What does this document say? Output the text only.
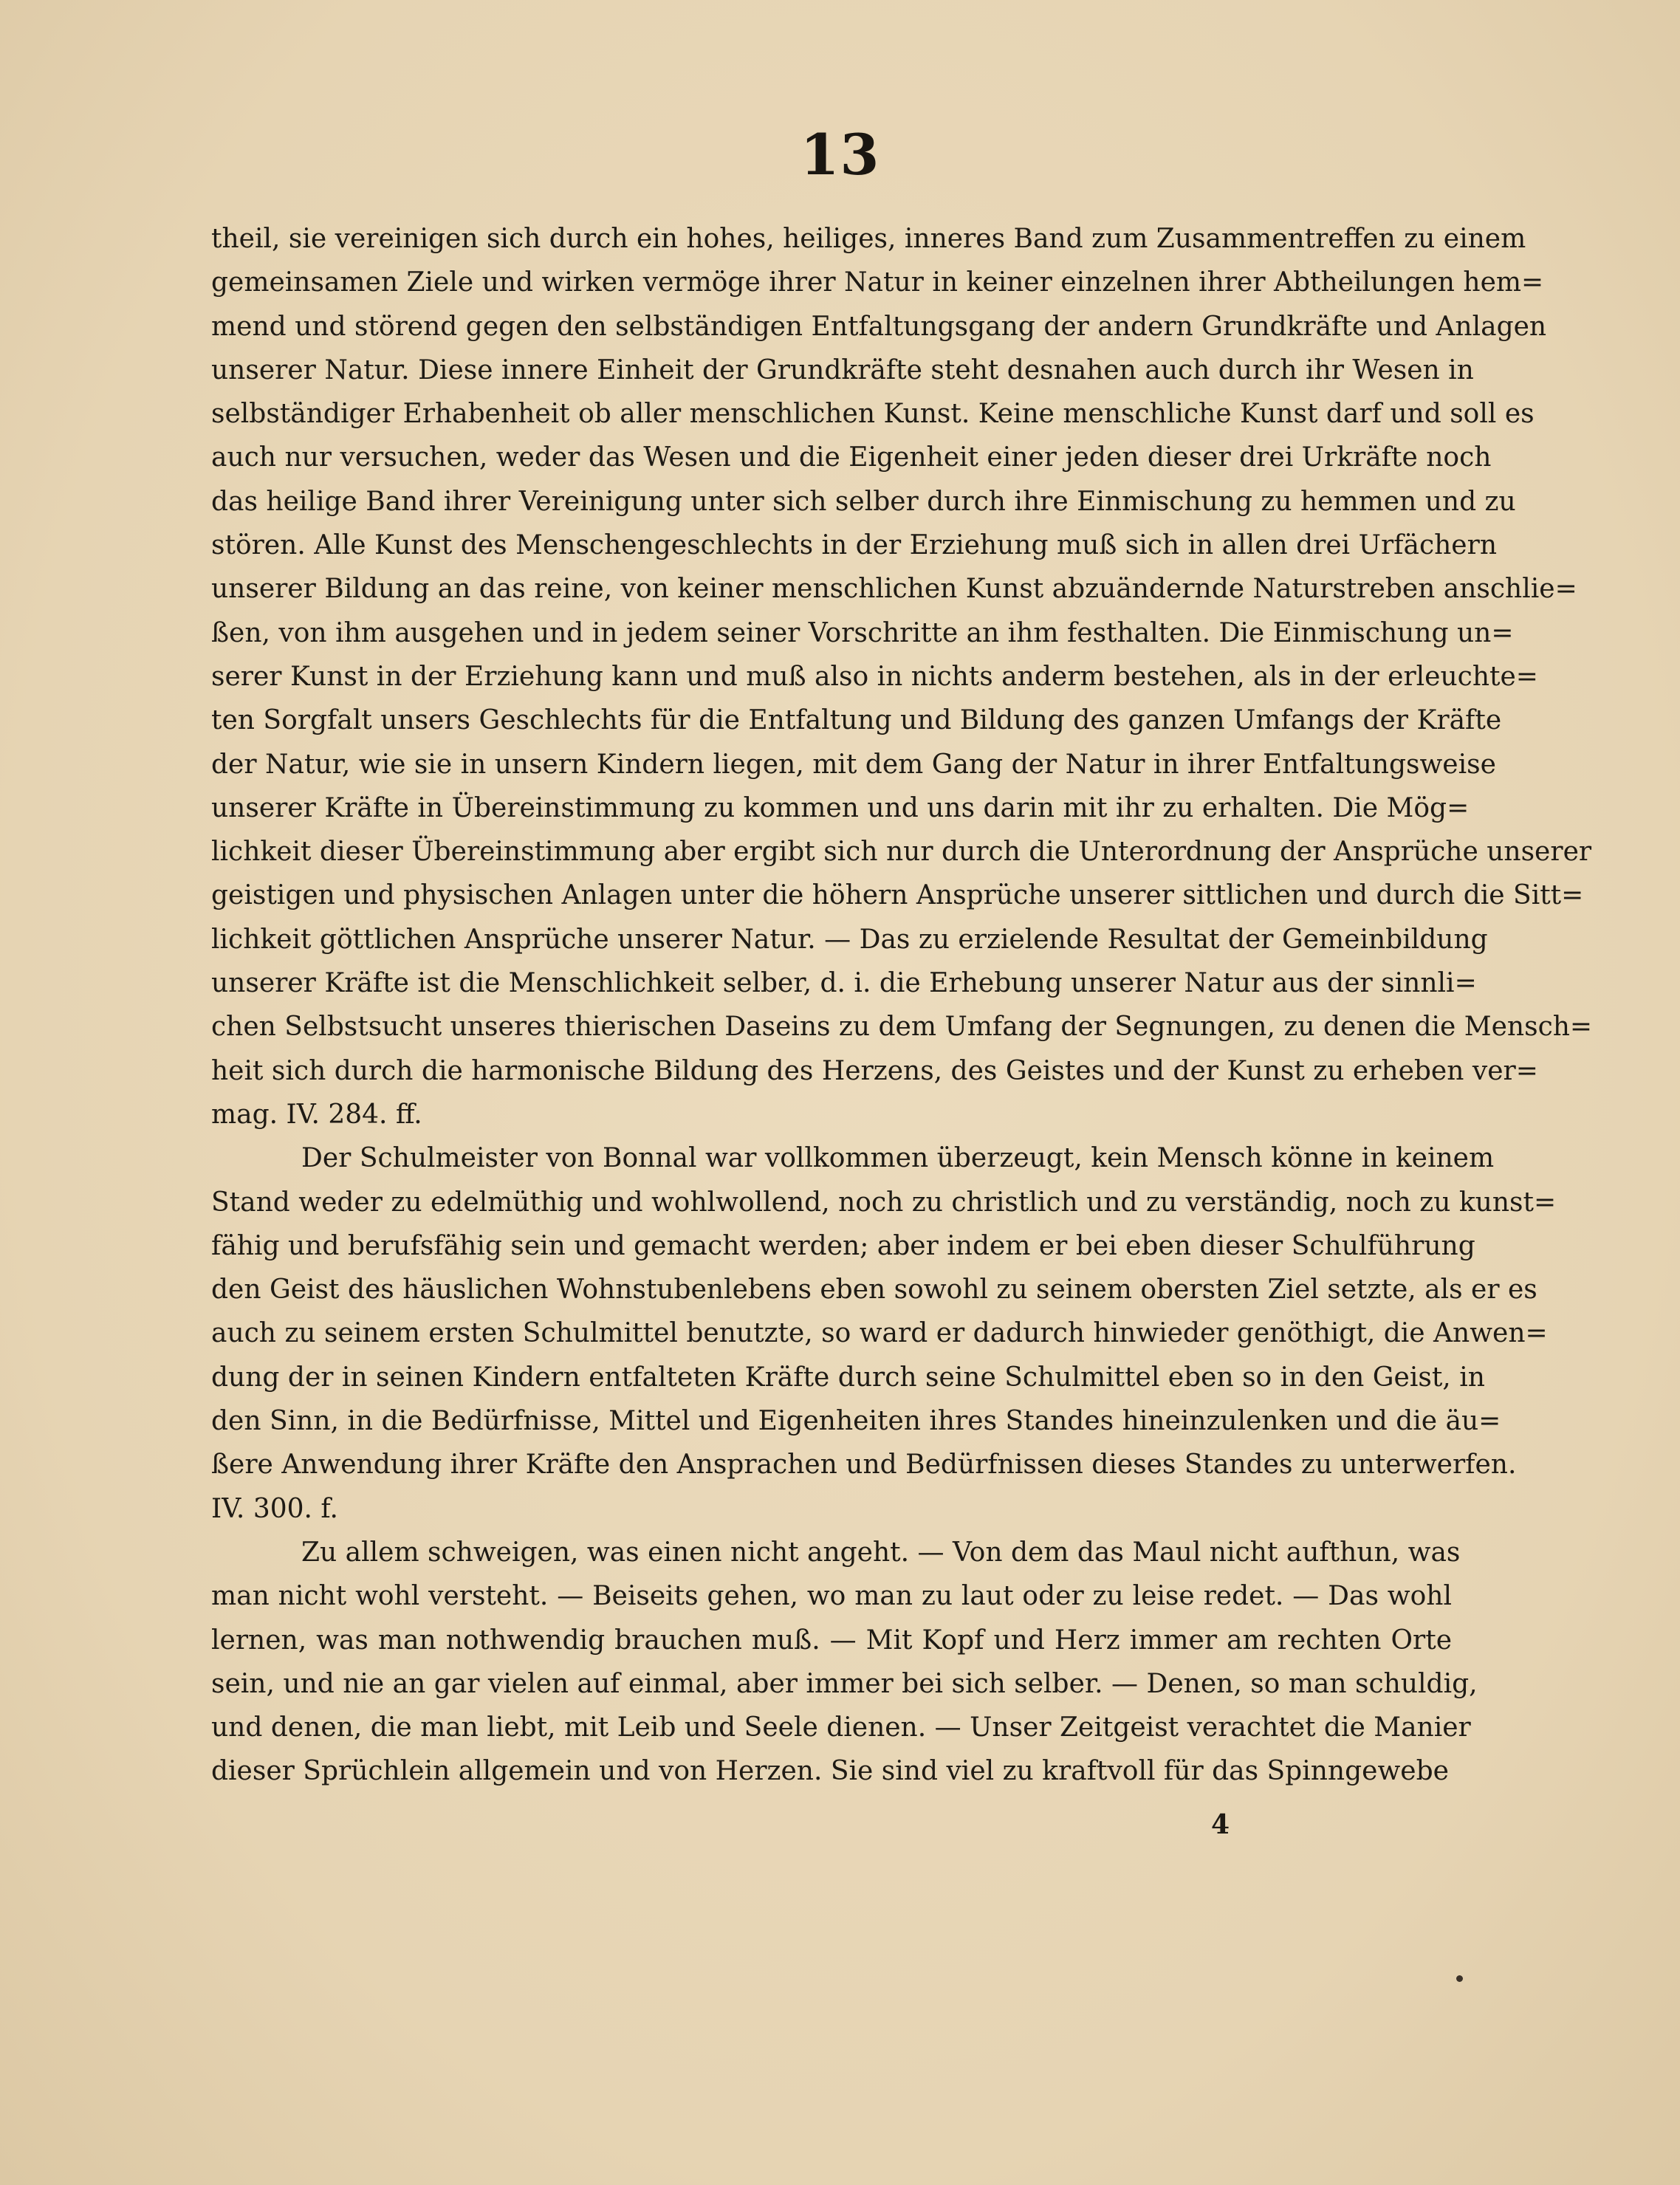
13
theil, sie vereinigen sich durch ein hohes, heiliges, inneres Band zum Zusammentreffen zu einem
gemeinsamen Ziele und wirken vermöge ihrer Natur in keiner einzelnen ihrer Abtheilungen hem=
mend und störend gegen den selbständigen Entfaltungsgang der andern Grundkräfte und Anlagen
unserer Natur. Diese innere Einheit der Grundkräfte steht desnahen auch durch ihr Wesen in
selbständiger Erhabenheit ob aller menschlichen Kunst. Keine menschliche Kunst darf und soll es
auch nur versuchen, weder das Wesen und die Eigenheit einer jeden dieser drei Urkräfte noch
das heilige Band ihrer Vereinigung unter sich selber durch ihre Einmischung zu hemmen und zu
stören. Alle Kunst des Menschengeschlechts in der Erziehung muß sich in allen drei Urfächern
unserer Bildung an das reine, von keiner menschlichen Kunst abzuändernde Naturstreben anschlie=
ßen, von ihm ausgehen und in jedem seiner Vorschritte an ihm festhalten. Die Einmischung un=
serer Kunst in der Erziehung kann und muß also in nichts anderm bestehen, als in der erleuchte=
ten Sorgfalt unsers Geschlechts für die Entfaltung und Bildung des ganzen Umfangs der Kräfte
der Natur, wie sie in unsern Kindern liegen, mit dem Gang der Natur in ihrer Entfaltungsweise
unserer Kräfte in Übereinstimmung zu kommen und uns darin mit ihr zu erhalten. Die Mög=
lichkeit dieser Übereinstimmung aber ergibt sich nur durch die Unterordnung der Ansprüche unserer
geistigen und physischen Anlagen unter die höhern Ansprüche unserer sittlichen und durch die Sitt=
lichkeit göttlichen Ansprüche unserer Natur. — Das zu erzielende Resultat der Gemeinbildung
unserer Kräfte ist die Menschlichkeit selber, d. i. die Erhebung unserer Natur aus der sinnli=
chen Selbstsucht unseres thierischen Daseins zu dem Umfang der Segnungen, zu denen die Mensch=
heit sich durch die harmonische Bildung des Herzens, des Geistes und der Kunst zu erheben ver=
mag. IV. 284. ff.
Der Schulmeister von Bonnal war vollkommen überzeugt, kein Mensch könne in keinem
Stand weder zu edelmüthig und wohlwollend, noch zu christlich und zu verständig, noch zu kunst=
fähig und berufsfähig sein und gemacht werden; aber indem er bei eben dieser Schulführung
den Geist des häuslichen Wohnstubenlebens eben sowohl zu seinem obersten Ziel setzte, als er es
auch zu seinem ersten Schulmittel benutzte, so ward er dadurch hinwieder genöthigt, die Anwen=
dung der in seinen Kindern entfalteten Kräfte durch seine Schulmittel eben so in den Geist, in
den Sinn, in die Bedürfnisse, Mittel und Eigenheiten ihres Standes hineinzulenken und die äu=
ßere Anwendung ihrer Kräfte den Ansprachen und Bedürfnissen dieses Standes zu unterwerfen.
IV. 300. f.
Zu allem schweigen, was einen nicht angeht. — Von dem das Maul nicht aufthun, was
man nicht wohl versteht. — Beiseits gehen, wo man zu laut oder zu leise redet. — Das wohl
lernen, was man nothwendig brauchen muß. — Mit Kopf und Herz immer am rechten Orte
sein, und nie an gar vielen auf einmal, aber immer bei sich selber. — Denen, so man schuldig,
und denen, die man liebt, mit Leib und Seele dienen. — Unser Zeitgeist verachtet die Manier
dieser Sprüchlein allgemein und von Herzen. Sie sind viel zu kraftvoll für das Spinngewebe
4
